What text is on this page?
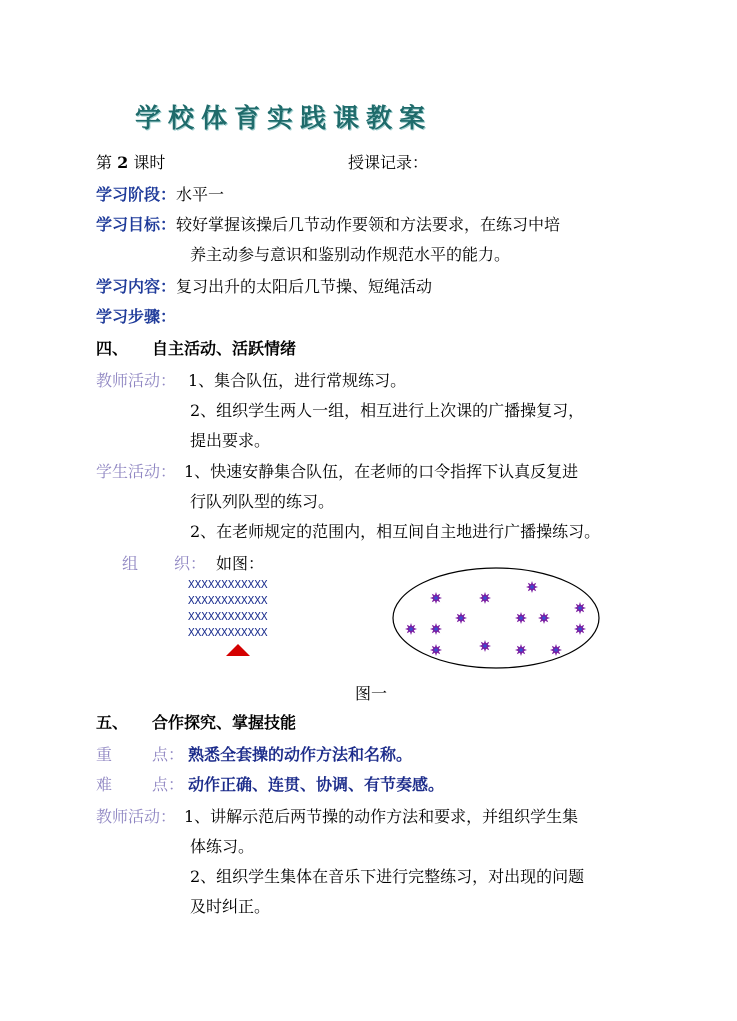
学校体育实践课教案
第 2 课时	授课记录：
学习阶段：水平一
学习目标：较好掌握该操后几节动作要领和方法要求，在练习中培
养主动参与意识和鉴别动作规范水平的能力。
学习内容：复习出升的太阳后几节操、短绳活动
学习步骤：
四、 自主活动、活跃情绪
教师活动： 1、集合队伍，进行常规练习。
2、组织学生两人一组，相互进行上次课的广播操复习，
提出要求。
学生活动： 1、快速安静集合队伍，在老师的口令指挥下认真反复进
行队列队型的练习。
2、在老师规定的范围内，相互间自主地进行广播操练习。
组 织： 如图：
XXXXXXXXXXXX
XXXXXXXXXXXX
XXXXXXXXXXXX
XXXXXXXXXXXX
图一
五、 合作探究、掌握技能
重 点： 熟悉全套操的动作方法和名称。
难 点： 动作正确、连贯、协调、有节奏感。
教师活动： 1、讲解示范后两节操的动作方法和要求，并组织学生集
体练习。
2、组织学生集体在音乐下进行完整练习，对出现的问题
及时纠正。
